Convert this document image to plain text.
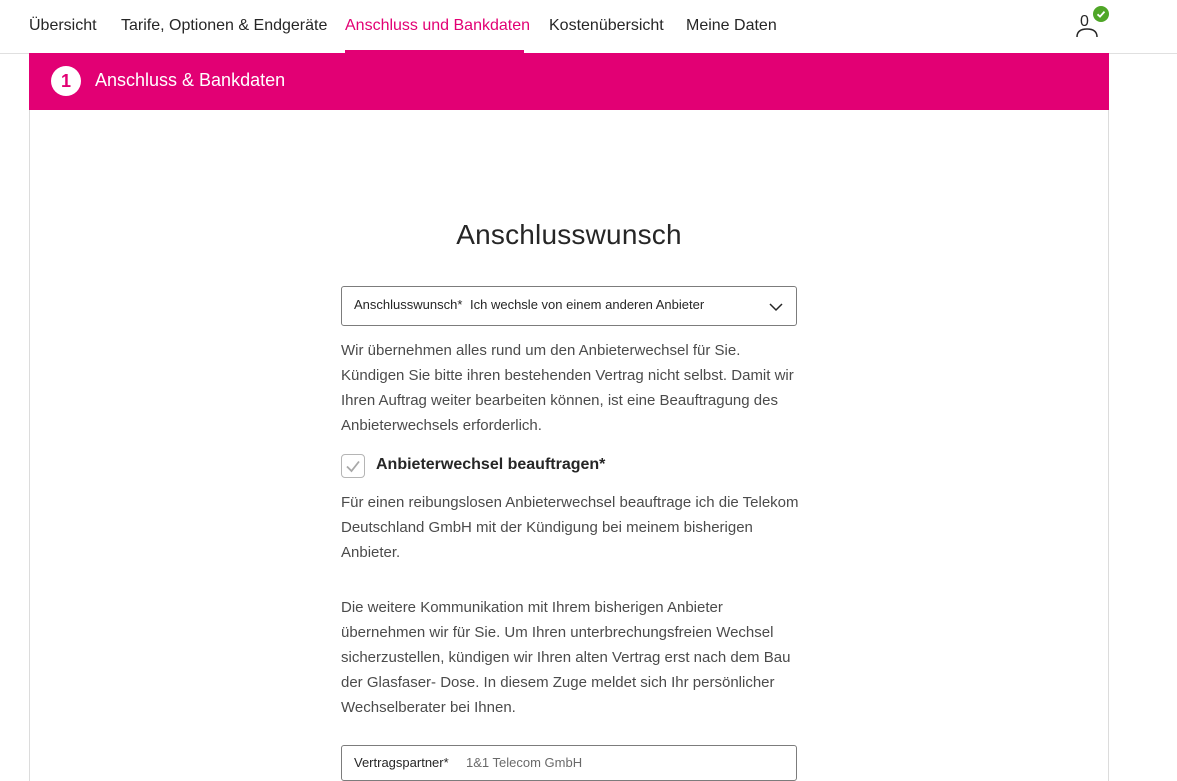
Übersicht Tarife, Optionen & Endgeräte Anschluss und Bankdaten Kostenübersicht Meine Daten	0
1	Anschluss & Bankdaten
Anschlusswunsch
Anschlusswunsch* Ich wechsle von einem anderen Anbieter

Wir übernehmen alles rund um den Anbieterwechsel für Sie. Kündigen Sie bitte ihren bestehenden Vertrag nicht selbst. Damit wir Ihren Auftrag weiter bearbeiten können, ist eine Beauftragung des Anbieterwechsels erforderlich.

Anbieterwechsel beauftragen*

Für einen reibungslosen Anbieterwechsel beauftrage ich die Telekom Deutschland GmbH mit der Kündigung bei meinem bisherigen Anbieter.

Die weitere Kommunikation mit Ihrem bisherigen Anbieter übernehmen wir für Sie. Um Ihren unterbrechungsfreien Wechsel sicherzustellen, kündigen wir Ihren alten Vertrag erst nach dem Bau der Glasfaser- Dose. In diesem Zuge meldet sich Ihr persönlicher Wechselberater bei Ihnen.

Vertragspartner* 1&1 Telecom GmbH
